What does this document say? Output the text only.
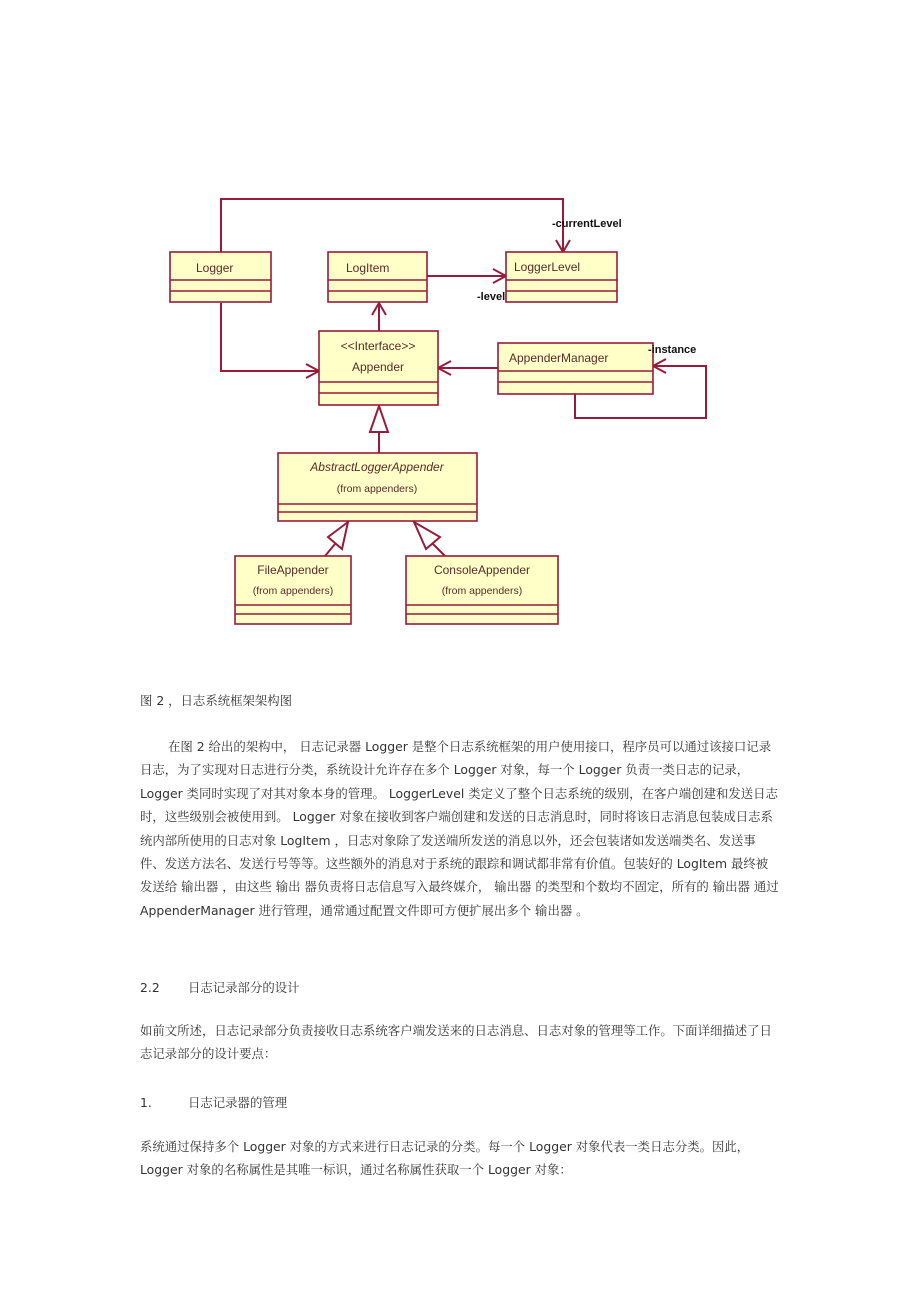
Logger	LogItem	LoggerLevel
<<Interface>>
Appender
AppenderManager
AbstractLoggerAppender
(from appenders)
FileAppender
(from appenders)
ConsoleAppender
(from appenders)
-currentLevel
-level
-instance
图 2 ，日志系统框架架构图
在图 2 给出的架构中， 日志记录器 Logger 是整个日志系统框架的用户使用接口，程序员可以通过该接口记录日志，为了实现对日志进行分类，系统设计允许存在多个 Logger 对象，每一个 Logger 负责一类日志的记录， Logger 类同时实现了对其对象本身的管理。 LoggerLevel 类定义了整个日志系统的级别，在客户端创建和发送日志时，这些级别会被使用到。 Logger 对象在接收到客户端创建和发送的日志消息时，同时将该日志消息包装成日志系统内部所使用的日志对象 LogItem ，日志对象除了发送端所发送的消息以外，还会包装诸如发送端类名、发送事件、发送方法名、发送行号等等。这些额外的消息对于系统的跟踪和调试都非常有价值。包装好的 LogItem 最终被发送给 输出器 ，由这些 输出 器负责将日志信息写入最终媒介， 输出器 的类型和个数均不固定，所有的 输出器 通过 AppenderManager 进行管理，通常通过配置文件即可方便扩展出多个 输出器 。
2.2 日志记录部分的设计
如前文所述，日志记录部分负责接收日志系统客户端发送来的日志消息、日志对象的管理等工作。下面详细描述了日志记录部分的设计要点：
1.	日志记录器的管理
系统通过保持多个 Logger 对象的方式来进行日志记录的分类。每一个 Logger 对象代表一类日志分类。因此， Logger 对象的名称属性是其唯一标识，通过名称属性获取一个 Logger 对象：
